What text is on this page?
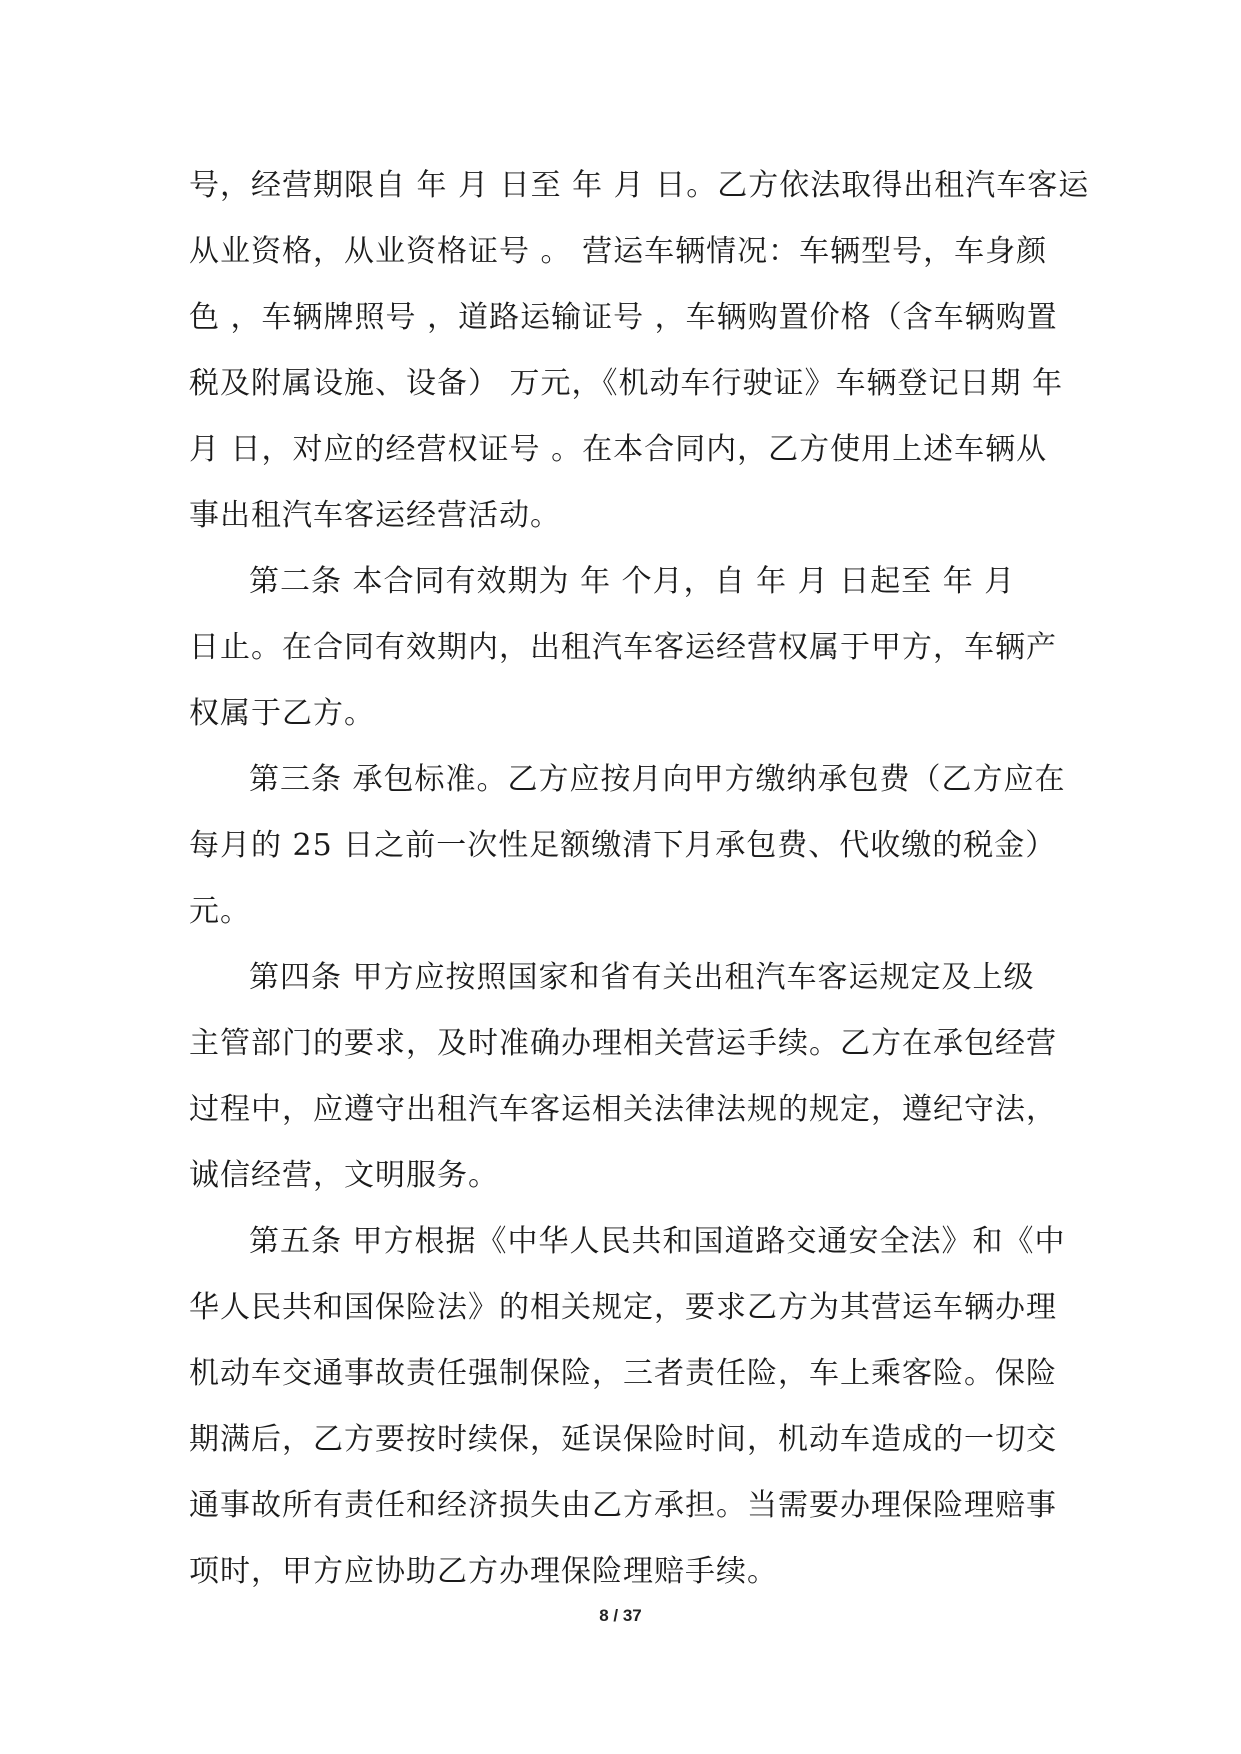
号，经营期限自 年 月 日至 年 月 日。乙方依法取得出租汽车客运
从业资格，从业资格证号 。 营运车辆情况：车辆型号，车身颜
色 ，车辆牌照号 ，道路运输证号 ，车辆购置价格（含车辆购置
税及附属设施、设备） 万元，《机动车行驶证》车辆登记日期 年
月 日，对应的经营权证号 。在本合同内，乙方使用上述车辆从
事出租汽车客运经营活动。
第二条 本合同有效期为 年 个月，自 年 月 日起至 年 月
日止。在合同有效期内，出租汽车客运经营权属于甲方，车辆产
权属于乙方。
第三条 承包标准。乙方应按月向甲方缴纳承包费（乙方应在
每月的 25 日之前一次性足额缴清下月承包费、代收缴的税金）
元。
第四条 甲方应按照国家和省有关出租汽车客运规定及上级
主管部门的要求，及时准确办理相关营运手续。乙方在承包经营
过程中，应遵守出租汽车客运相关法律法规的规定，遵纪守法，
诚信经营，文明服务。
第五条 甲方根据《中华人民共和国道路交通安全法》和《中
华人民共和国保险法》的相关规定，要求乙方为其营运车辆办理
机动车交通事故责任强制保险，三者责任险，车上乘客险。保险
期满后，乙方要按时续保，延误保险时间，机动车造成的一切交
通事故所有责任和经济损失由乙方承担。当需要办理保险理赔事
项时，甲方应协助乙方办理保险理赔手续。
8 / 37
